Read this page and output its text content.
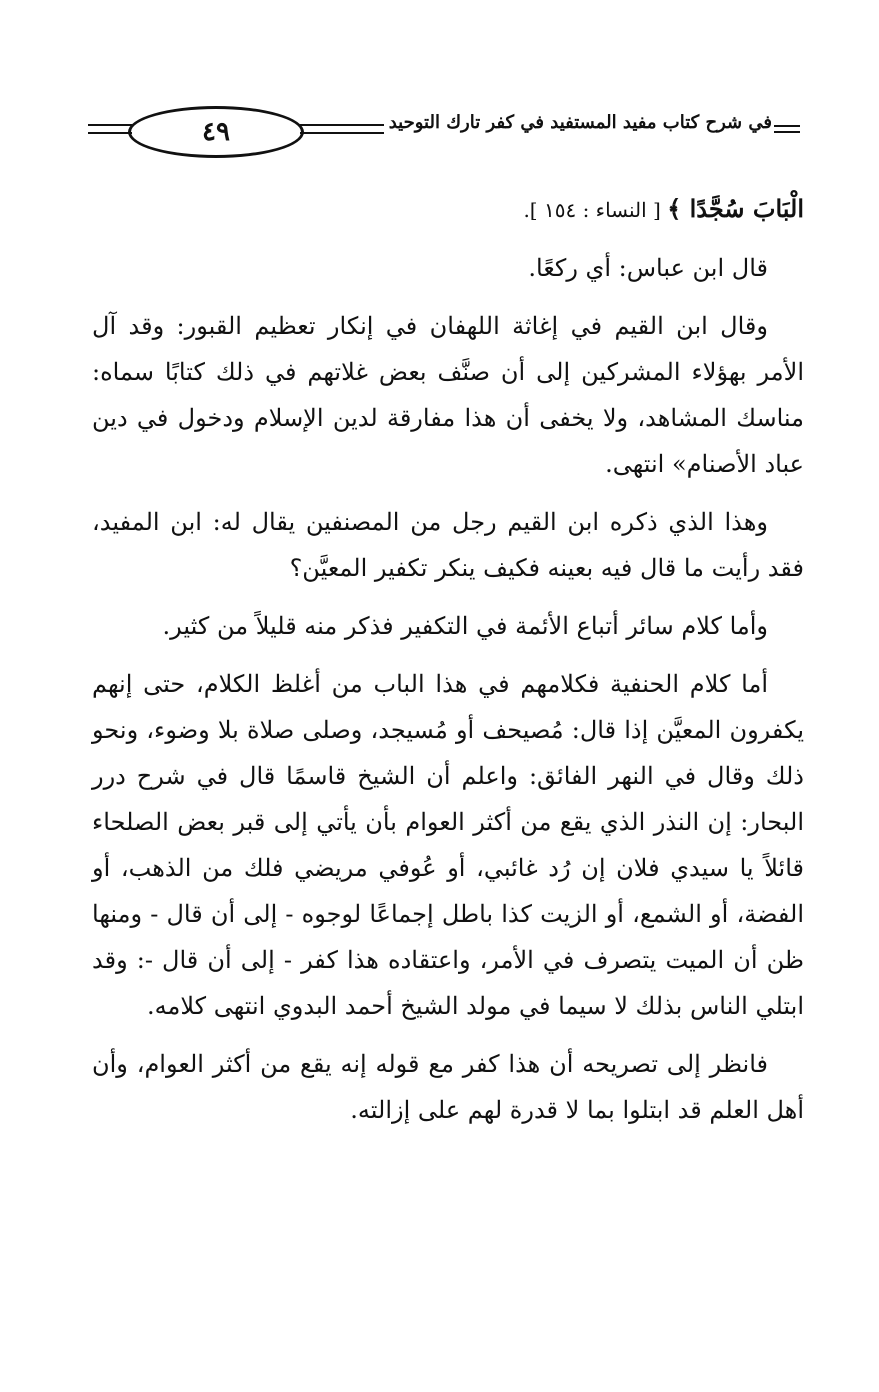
٤٩	في شرح كتاب مفيد المستفيد في كفر تارك التوحيد

الْبَابَ سُجَّدًا ﴾ [ النساء : ١٥٤ ].

قال ابن عباس: أي ركعًا.

وقال ابن القيم في إغاثة اللهفان في إنكار تعظيم القبور: وقد آل الأمر بهؤلاء المشركين إلى أن صنَّف بعض غلاتهم في ذلك كتابًا سماه: مناسك المشاهد، ولا يخفى أن هذا مفارقة لدين الإسلام ودخول في دين عباد الأصنام» انتهى.

وهذا الذي ذكره ابن القيم رجل من المصنفين يقال له: ابن المفيد، فقد رأيت ما قال فيه بعينه فكيف ينكر تكفير المعيَّن؟

وأما كلام سائر أتباع الأئمة في التكفير فذكر منه قليلاً من كثير.

أما كلام الحنفية فكلامهم في هذا الباب من أغلظ الكلام، حتى إنهم يكفرون المعيَّن إذا قال: مُصيحف أو مُسيجد، وصلى صلاة بلا وضوء، ونحو ذلك وقال في النهر الفائق: واعلم أن الشيخ قاسمًا قال في شرح درر البحار: إن النذر الذي يقع من أكثر العوام بأن يأتي إلى قبر بعض الصلحاء قائلاً يا سيدي فلان إن رُد غائبي، أو عُوفي مريضي فلك من الذهب، أو الفضة، أو الشمع، أو الزيت كذا باطل إجماعًا لوجوه - إلى أن قال - ومنها ظن أن الميت يتصرف في الأمر، واعتقاده هذا كفر - إلى أن قال -: وقد ابتلي الناس بذلك لا سيما في مولد الشيخ أحمد البدوي انتهى كلامه.

فانظر إلى تصريحه أن هذا كفر مع قوله إنه يقع من أكثر العوام، وأن أهل العلم قد ابتلوا بما لا قدرة لهم على إزالته.
